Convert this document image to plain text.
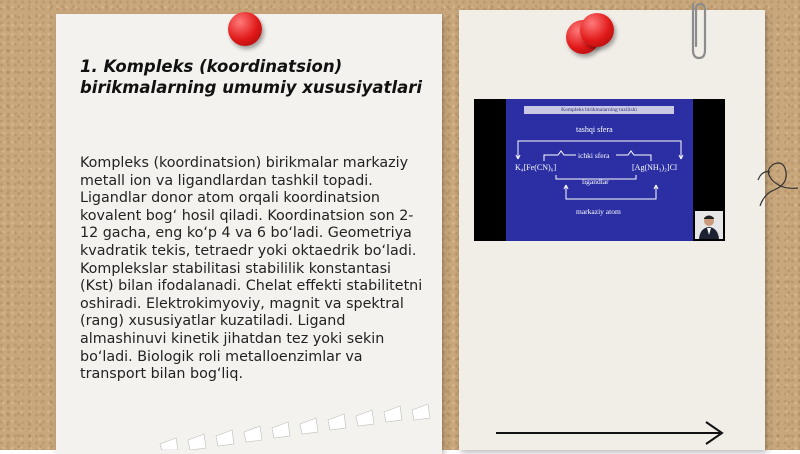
1. Kompleks (koordinatsion) birikmalarning umumiy xususiyatlari

Kompleks (koordinatsion) birikmalar markaziy metall ion va ligandlardan tashkil topadi. Ligandlar donor atom orqali koordinatsion kovalent bog‘ hosil qiladi. Koordinatsion son 2-12 gacha, eng ko‘p 4 va 6 bo‘ladi. Geometriya kvadratik tekis, tetraedr yoki oktaedrik bo‘ladi. Komplekslar stabilitasi stabililik konstantasi (Kst) bilan ifodalanadi. Chelat effekti stabilitetni oshiradi. Elektrokimyoviy, magnit va spektral (rang) xususiyatlar kuzatiladi. Ligand almashinuvi kinetik jihatdan tez yoki sekin bo‘ladi. Biologik roli metalloenzimlar va transport bilan bog‘liq.

Kompleks birikmalarning tuzilishi
tashqi sfera
ichki sfera
K₄[Fe(CN)₆]	[Ag(NH₃)₂]Cl
ligandlar
markaziy atom
